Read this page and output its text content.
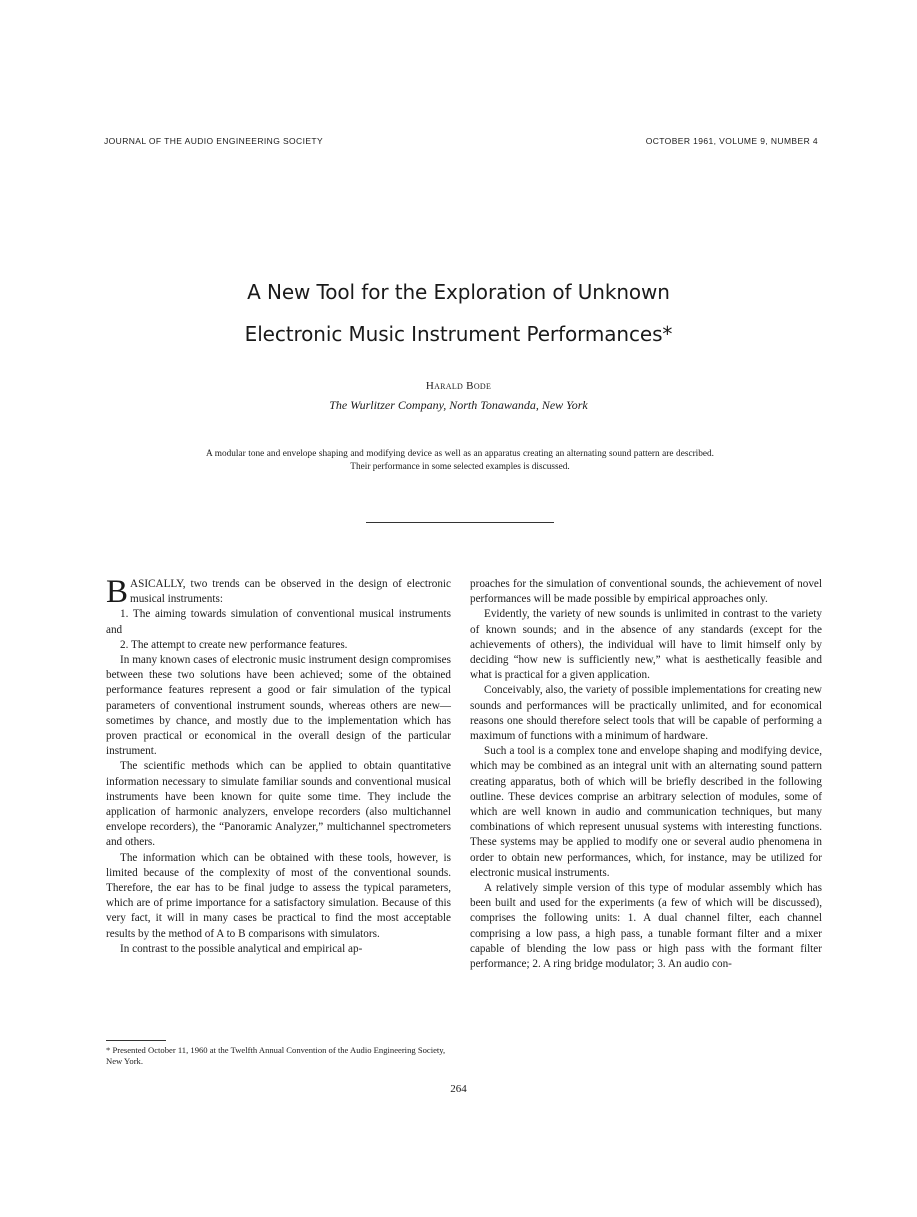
JOURNAL OF THE AUDIO ENGINEERING SOCIETY	OCTOBER 1961, VOLUME 9, NUMBER 4
A New Tool for the Exploration of Unknown
Electronic Music Instrument Performances*
Harald Bode
The Wurlitzer Company, North Tonawanda, New York
A modular tone and envelope shaping and modifying device as well as an apparatus creating an alternating sound pattern are described. Their performance in some selected examples is discussed.

BASICALLY, two trends can be observed in the design of electronic musical instruments:

1. The aiming towards simulation of conventional musical instruments and

2. The attempt to create new performance features.

In many known cases of electronic music instrument design compromises between these two solutions have been achieved; some of the obtained performance features represent a good or fair simulation of the typical parameters of conventional instrument sounds, whereas others are new—sometimes by chance, and mostly due to the implementation which has proven practical or economical in the overall design of the particular instrument.

The scientific methods which can be applied to obtain quantitative information necessary to simulate familiar sounds and conventional musical instruments have been known for quite some time. They include the application of harmonic analyzers, envelope recorders (also multichannel envelope recorders), the “Panoramic Analyzer,” multichannel spectrometers and others.

The information which can be obtained with these tools, however, is limited because of the complexity of most of the conventional sounds. Therefore, the ear has to be final judge to assess the typical parameters, which are of prime importance for a satisfactory simulation. Because of this very fact, it will in many cases be practical to find the most acceptable results by the method of A to B comparisons with simulators.

In contrast to the possible analytical and empirical ap-

proaches for the simulation of conventional sounds, the achievement of novel performances will be made possible by empirical approaches only.

Evidently, the variety of new sounds is unlimited in contrast to the variety of known sounds; and in the absence of any standards (except for the achievements of others), the individual will have to limit himself only by deciding “how new is sufficiently new,” what is aesthetically feasible and what is practical for a given application.

Conceivably, also, the variety of possible implementations for creating new sounds and performances will be practically unlimited, and for economical reasons one should therefore select tools that will be capable of performing a maximum of functions with a minimum of hardware.

Such a tool is a complex tone and envelope shaping and modifying device, which may be combined as an integral unit with an alternating sound pattern creating apparatus, both of which will be briefly described in the following outline. These devices comprise an arbitrary selection of modules, some of which are well known in audio and communication techniques, but many combinations of which represent unusual systems with interesting functions. These systems may be applied to modify one or several audio phenomena in order to obtain new performances, which, for instance, may be utilized for electronic musical instruments.

A relatively simple version of this type of modular assembly which has been built and used for the experiments (a few of which will be discussed), comprises the following units: 1. A dual channel filter, each channel comprising a low pass, a high pass, a tunable formant filter and a mixer capable of blending the low pass or high pass with the formant filter performance; 2. A ring bridge modulator; 3. An audio con-

* Presented October 11, 1960 at the Twelfth Annual Convention of the Audio Engineering Society, New York.
264
